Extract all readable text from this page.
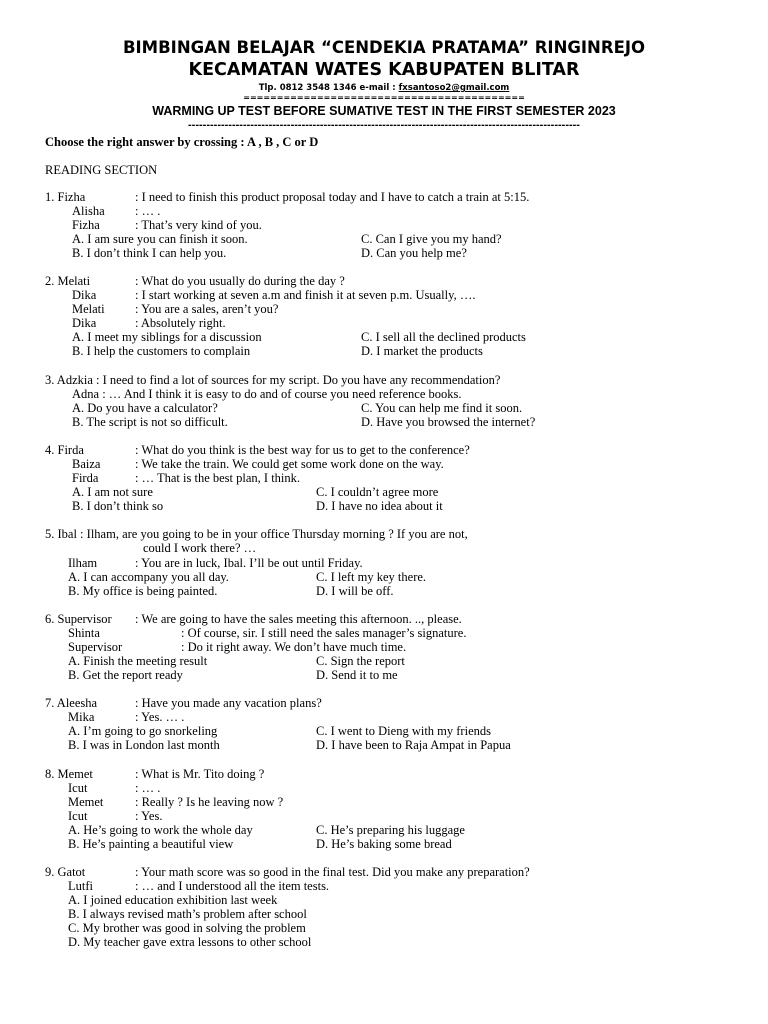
BIMBINGAN BELAJAR “CENDEKIA PRATAMA” RINGINREJO
KECAMATAN WATES KABUPATEN BLITAR
Tlp. 0812 3548 1346 e-mail : fxsantoso2@gmail.com
==========================================
WARMING UP TEST BEFORE SUMATIVE TEST IN THE FIRST SEMESTER 2023
-----------------------------------------------------------------------------------------------------------
Choose the right answer by crossing : A , B , C or D
READING SECTION
1. Fizha	: I need to finish this product proposal today and I have to catch a train at 5:15.
Alisha : … .
Fizha	: That’s very kind of you.
A. I am sure you can finish it soon.	C. Can I give you my hand?
B. I don’t think I can help you.	D. Can you help me?
2. Melati	: What do you usually do during the day ?
Dika	: I start working at seven a.m and finish it at seven p.m. Usually, ….
Melati : You are a sales, aren’t you?
Dika	: Absolutely right.
A. I meet my siblings for a discussion	C. I sell all the declined products
B. I help the customers to complain	D. I market the products
3. Adzkia : I need to find a lot of sources for my script. Do you have any recommendation?
Adna : … And I think it is easy to do and of course you need reference books.
A. Do you have a calculator?	C. You can help me find it soon.
B. The script is not so difficult.	D. Have you browsed the internet?
4. Firda	: What do you think is the best way for us to get to the conference?
Baiza	: We take the train. We could get some work done on the way.
Firda	: … That is the best plan, I think.
A. I am not sure	C. I couldn’t agree more
B. I don’t think so	D. I have no idea about it
5. Ibal : Ilham, are you going to be in your office Thursday morning ? If you are not,
could I work there? …
Ilham	: You are in luck, Ibal. I’ll be out until Friday.
A. I can accompany you all day.	C. I left my key there.
B. My office is being painted.	D. I will be off.
6. Supervisor : We are going to have the sales meeting this afternoon. .., please.
Shinta	: Of course, sir. I still need the sales manager’s signature.
Supervisor	: Do it right away. We don’t have much time.
A. Finish the meeting result	C. Sign the report
B. Get the report ready	D. Send it to me
7. Aleesha	: Have you made any vacation plans?
Mika	: Yes. … .
A. I’m going to go snorkeling	C. I went to Dieng with my friends
B. I was in London last month	D. I have been to Raja Ampat in Papua
8. Memet	: What is Mr. Tito doing ?
Icut	: … .
Memet	: Really ? Is he leaving now ?
Icut	: Yes.
A. He’s going to work the whole day	C. He’s preparing his luggage
B. He’s painting a beautiful view	D. He’s baking some bread
9. Gatot	: Your math score was so good in the final test. Did you make any preparation?
Lutfi	: … and I understood all the item tests.
A. I joined education exhibition last week
B. I always revised math’s problem after school
C. My brother was good in solving the problem
D. My teacher gave extra lessons to other school
